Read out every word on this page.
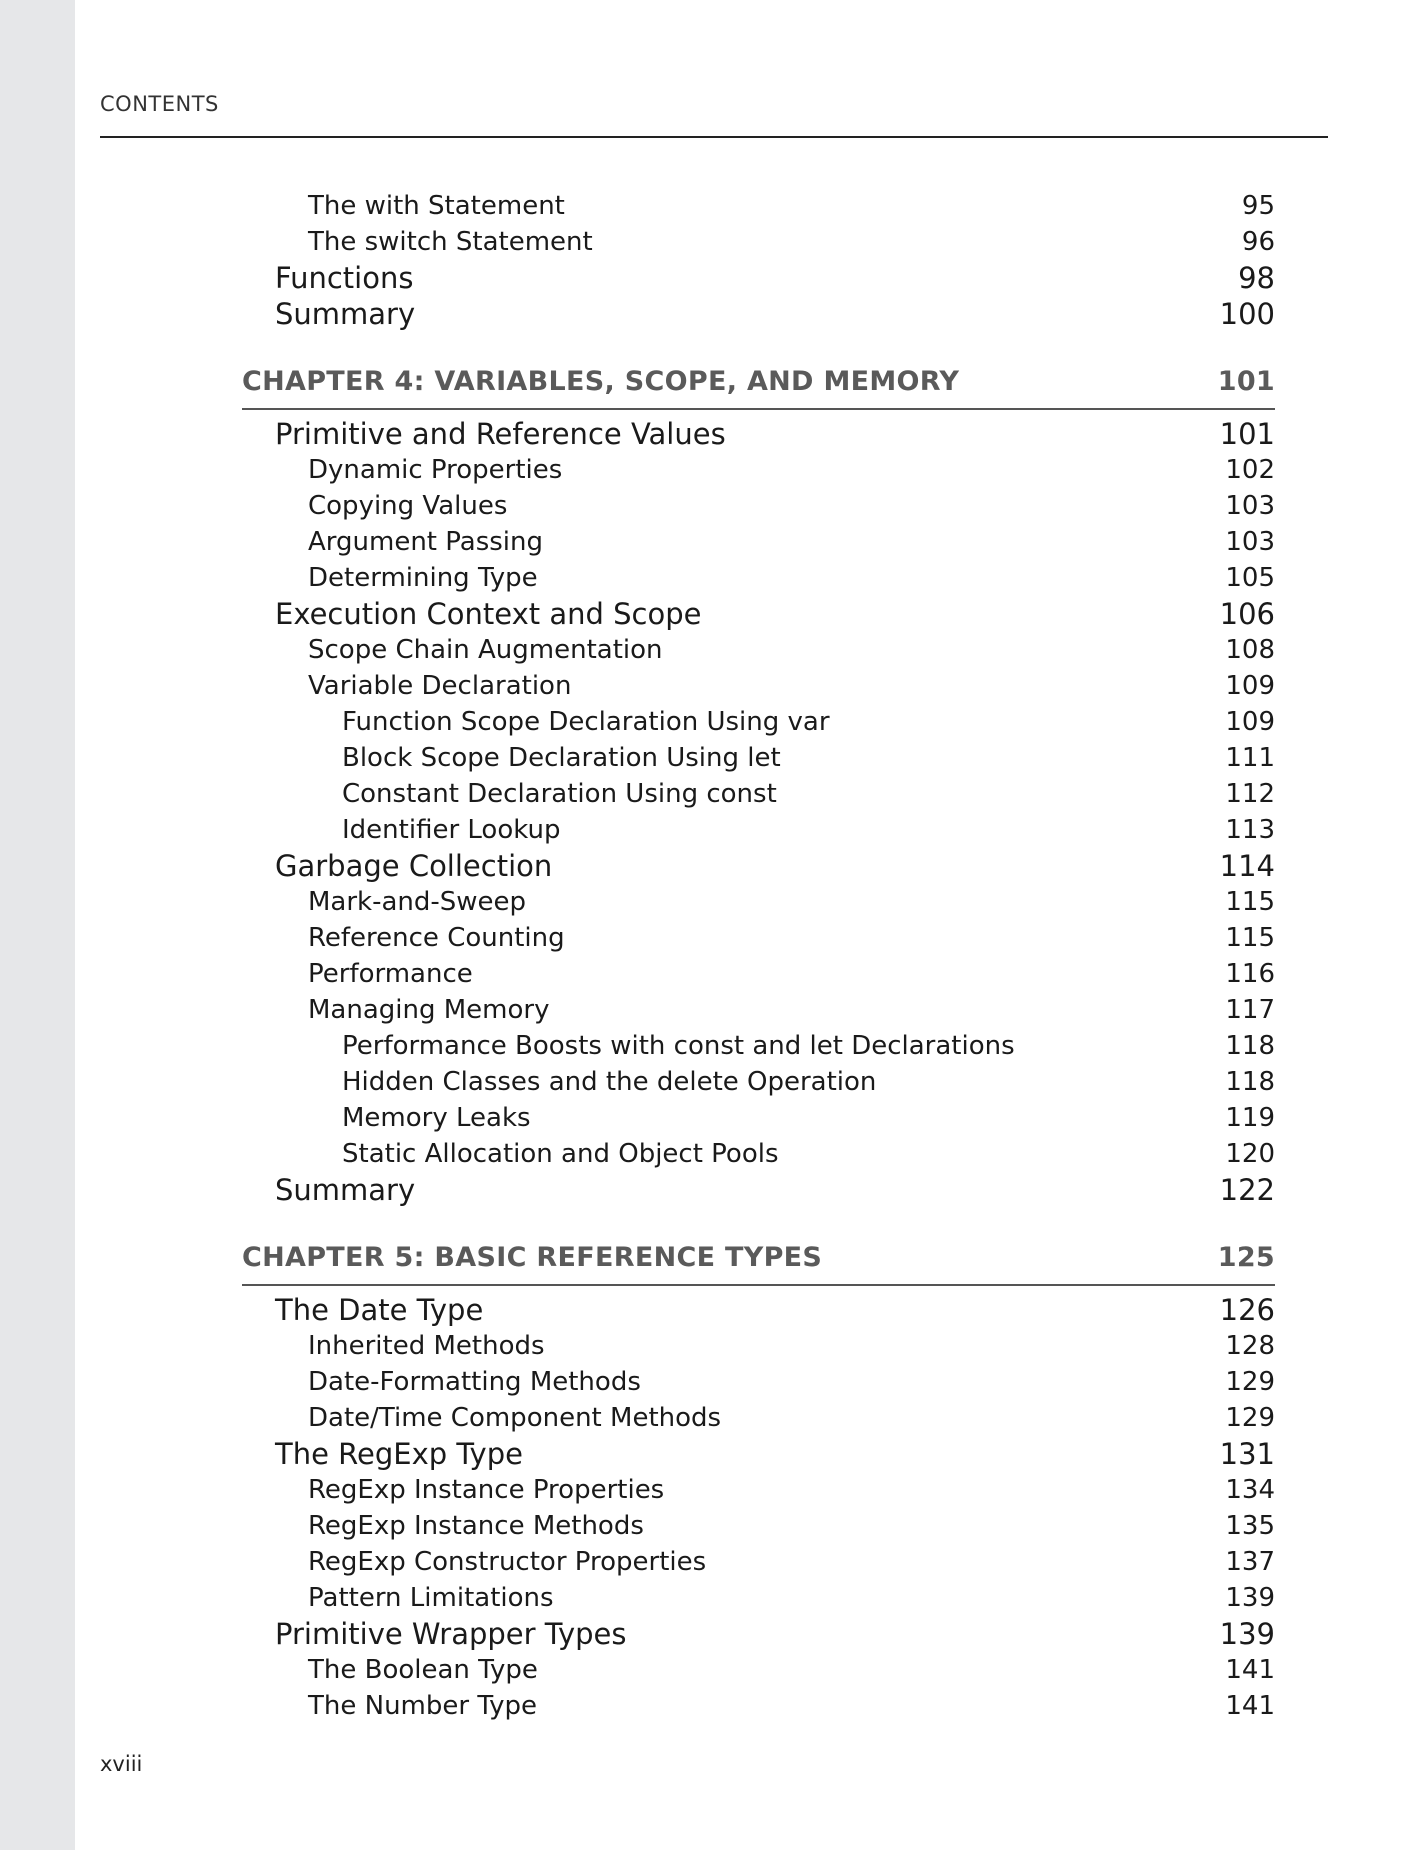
CONTENTS
The with Statement	95
The switch Statement	96
Functions	98
Summary	100
CHAPTER 4: VARIABLES, SCOPE, AND MEMORY	101
Primitive and Reference Values	101
Dynamic Properties	102
Copying Values	103
Argument Passing	103
Determining Type	105
Execution Context and Scope	106
Scope Chain Augmentation	108
Variable Declaration	109
Function Scope Declaration Using var	109
Block Scope Declaration Using let	111
Constant Declaration Using const	112
Identifier Lookup	113
Garbage Collection	114
Mark-and-Sweep	115
Reference Counting	115
Performance	116
Managing Memory	117
Performance Boosts with const and let Declarations	118
Hidden Classes and the delete Operation	118
Memory Leaks	119
Static Allocation and Object Pools	120
Summary	122
CHAPTER 5: BASIC REFERENCE TYPES	125
The Date Type	126
Inherited Methods	128
Date-Formatting Methods	129
Date/Time Component Methods	129
The RegExp Type	131
RegExp Instance Properties	134
RegExp Instance Methods	135
RegExp Constructor Properties	137
Pattern Limitations	139
Primitive Wrapper Types	139
The Boolean Type	141
The Number Type	141
xviii
